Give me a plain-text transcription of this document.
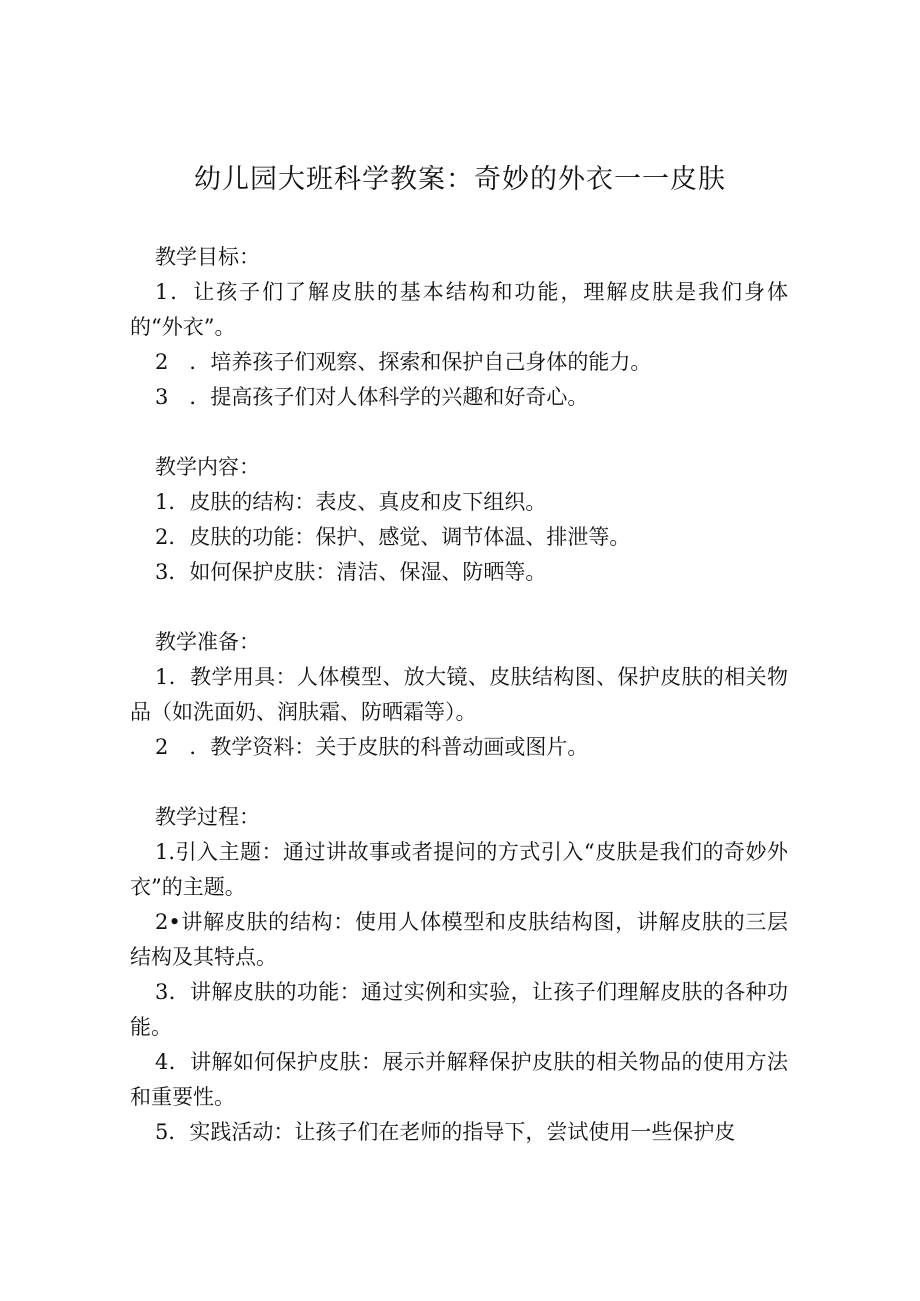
幼儿园大班科学教案：奇妙的外衣一一皮肤
教学目标：
1．让孩子们了解皮肤的基本结构和功能，理解皮肤是我们身体的“外衣”。
2　．培养孩子们观察、探索和保护自己身体的能力。
3　．提高孩子们对人体科学的兴趣和好奇心。
教学内容：
1．皮肤的结构：表皮、真皮和皮下组织。
2．皮肤的功能：保护、感觉、调节体温、排泄等。
3．如何保护皮肤：清洁、保湿、防晒等。
教学准备：
1．教学用具：人体模型、放大镜、皮肤结构图、保护皮肤的相关物品（如洗面奶、润肤霜、防晒霜等）。
2　．教学资料：关于皮肤的科普动画或图片。
教学过程：
1.引入主题：通过讲故事或者提问的方式引入“皮肤是我们的奇妙外衣”的主题。
2•讲解皮肤的结构：使用人体模型和皮肤结构图，讲解皮肤的三层结构及其特点。
3．讲解皮肤的功能：通过实例和实验，让孩子们理解皮肤的各种功能。
4．讲解如何保护皮肤：展示并解释保护皮肤的相关物品的使用方法和重要性。
5．实践活动：让孩子们在老师的指导下，尝试使用一些保护皮
